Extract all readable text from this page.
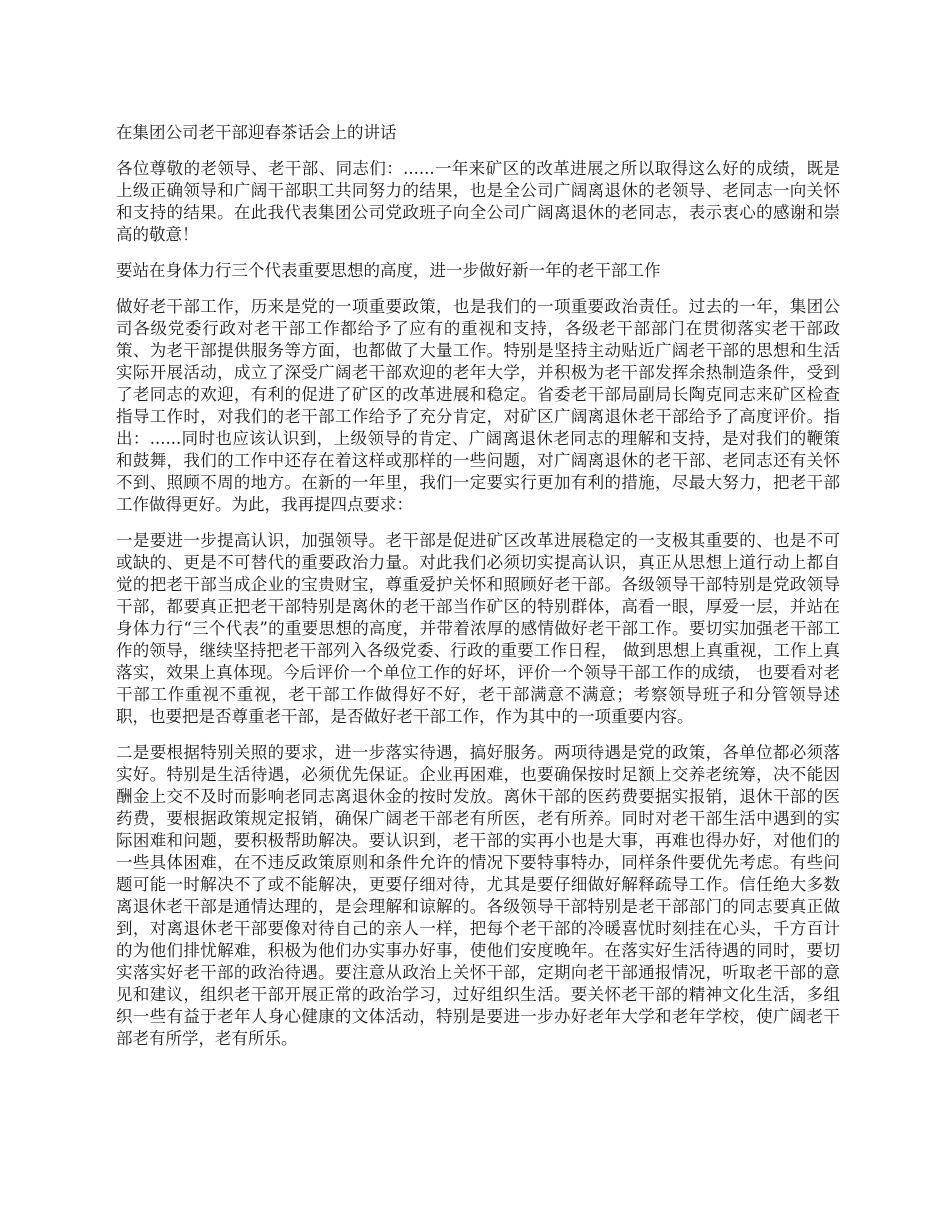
在集团公司老干部迎春茶话会上的讲话

各位尊敬的老领导、老干部、同志们：......一年来矿区的改革进展之所以取得这么好的成绩，既是上级正确领导和广阔干部职工共同努力的结果，也是全公司广阔离退休的老领导、老同志一向关怀和支持的结果。在此我代表集团公司党政班子向全公司广阔离退休的老同志，表示衷心的感谢和崇高的敬意！

要站在身体力行三个代表重要思想的高度，进一步做好新一年的老干部工作

做好老干部工作，历来是党的一项重要政策，也是我们的一项重要政治责任。过去的一年，集团公司各级党委行政对老干部工作都给予了应有的重视和支持，各级老干部部门在贯彻落实老干部政策、为老干部提供服务等方面，也都做了大量工作。特别是坚持主动贴近广阔老干部的思想和生活实际开展活动，成立了深受广阔老干部欢迎的老年大学，并积极为老干部发挥余热制造条件，受到了老同志的欢迎，有利的促进了矿区的改革进展和稳定。省委老干部局副局长陶克同志来矿区检查指导工作时，对我们的老干部工作给予了充分肯定，对矿区广阔离退休老干部给予了高度评价。指出：......同时也应该认识到，上级领导的肯定、广阔离退休老同志的理解和支持，是对我们的鞭策和鼓舞，我们的工作中还存在着这样或那样的一些问题，对广阔离退休的老干部、老同志还有关怀不到、照顾不周的地方。在新的一年里，我们一定要实行更加有利的措施，尽最大努力，把老干部工作做得更好。为此，我再提四点要求：

一是要进一步提高认识，加强领导。老干部是促进矿区改革进展稳定的一支极其重要的、也是不可或缺的、更是不可替代的重要政治力量。对此我们必须切实提高认识，真正从思想上道行动上都自觉的把老干部当成企业的宝贵财宝，尊重爱护关怀和照顾好老干部。各级领导干部特别是党政领导干部，都要真正把老干部特别是离休的老干部当作矿区的特别群体，高看一眼，厚爱一层，并站在身体力行“三个代表”的重要思想的高度，并带着浓厚的感情做好老干部工作。要切实加强老干部工作的领导，继续坚持把老干部列入各级党委、行政的重要工作日程， 做到思想上真重视，工作上真落实，效果上真体现。今后评价一个单位工作的好坏，评价一个领导干部工作的成绩， 也要看对老干部工作重视不重视，老干部工作做得好不好，老干部满意不满意；考察领导班子和分管领导述职，也要把是否尊重老干部，是否做好老干部工作，作为其中的一项重要内容。

二是要根据特别关照的要求，进一步落实待遇，搞好服务。两项待遇是党的政策，各单位都必须落实好。特别是生活待遇，必须优先保证。企业再困难，也要确保按时足额上交养老统筹，决不能因酬金上交不及时而影响老同志离退休金的按时发放。离休干部的医药费要据实报销，退休干部的医药费，要根据政策规定报销，确保广阔老干部老有所医，老有所养。同时对老干部生活中遇到的实际困难和问题，要积极帮助解决。要认识到，老干部的实再小也是大事，再难也得办好，对他们的一些具体困难，在不违反政策原则和条件允许的情况下要特事特办，同样条件要优先考虑。有些问题可能一时解决不了或不能解决，更要仔细对待，尤其是要仔细做好解释疏导工作。信任绝大多数离退休老干部是通情达理的，是会理解和谅解的。各级领导干部特别是老干部部门的同志要真正做到，对离退休老干部要像对待自己的亲人一样，把每个老干部的冷暖喜忧时刻挂在心头，千方百计的为他们排忧解难，积极为他们办实事办好事，使他们安度晚年。在落实好生活待遇的同时，要切实落实好老干部的政治待遇。要注意从政治上关怀干部，定期向老干部通报情况，听取老干部的意见和建议，组织老干部开展正常的政治学习，过好组织生活。要关怀老干部的精神文化生活，多组织一些有益于老年人身心健康的文体活动，特别是要进一步办好老年大学和老年学校，使广阔老干部老有所学，老有所乐。
